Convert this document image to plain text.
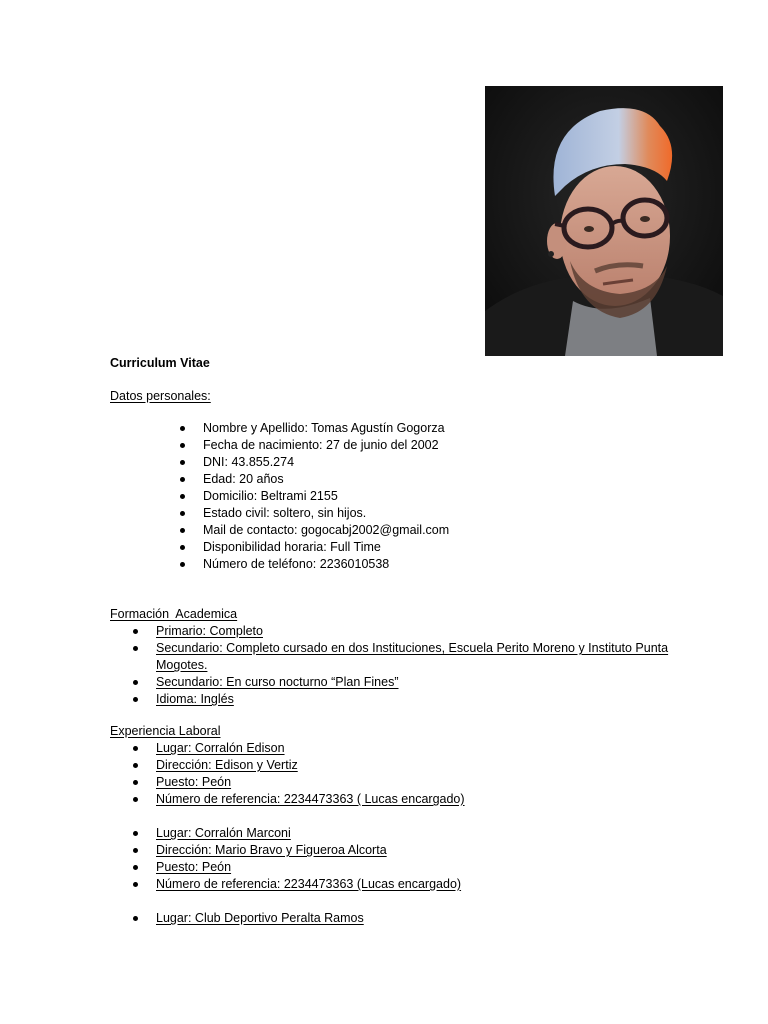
Curriculum Vitae
Datos personales:
Nombre y Apellido: Tomas Agustín Gogorza
Fecha de nacimiento: 27 de junio del 2002
DNI: 43.855.274
Edad: 20 años
Domicilio: Beltrami 2155
Estado civil: soltero, sin hijos.
Mail de contacto: gogocabj2002@gmail.com
Disponibilidad horaria: Full Time
Número de teléfono: 2236010538
Formación  Academica
Primario: Completo
Secundario: Completo cursado en dos Instituciones, Escuela Perito Moreno y Instituto Punta Mogotes.
Secundario: En curso nocturno “Plan Fines”
Idioma: Inglés
Experiencia Laboral
Lugar: Corralón Edison
Dirección: Edison y Vertiz
Puesto: Peón
Número de referencia: 2234473363 ( Lucas encargado)
Lugar: Corralón Marconi
Dirección: Mario Bravo y Figueroa Alcorta
Puesto: Peón
Número de referencia: 2234473363 (Lucas encargado)
Lugar: Club Deportivo Peralta Ramos
